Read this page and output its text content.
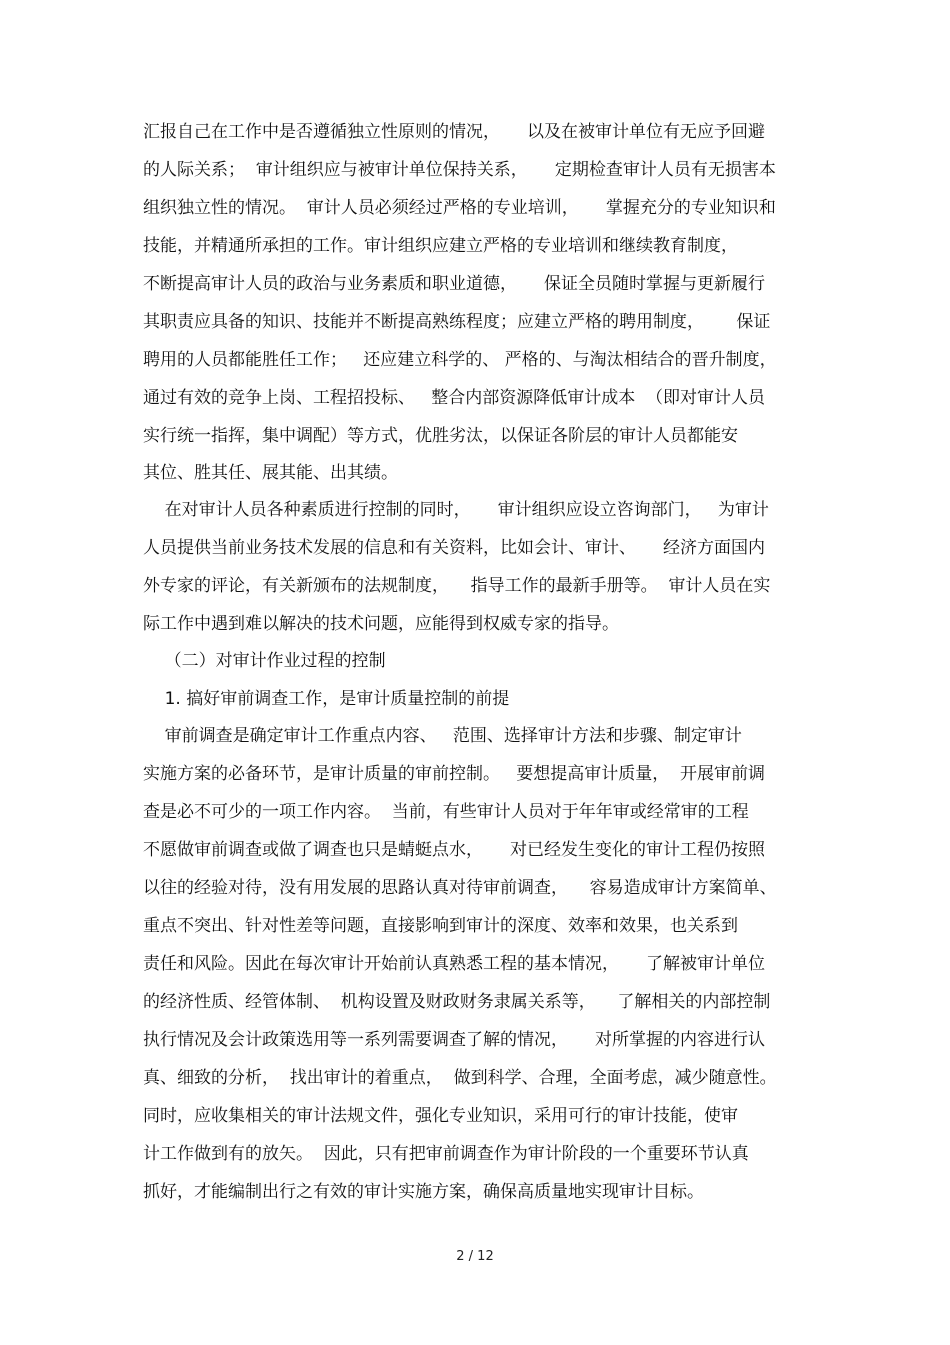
汇报自己在工作中是否遵循独立性原则的情况，     以及在被审计单位有无应予回避
的人际关系；  审计组织应与被审计单位保持关系，     定期检查审计人员有无损害本
组织独立性的情况。  审计人员必须经过严格的专业培训，     掌握充分的专业知识和
技能，并精通所承担的工作。审计组织应建立严格的专业培训和继续教育制度，
不断提高审计人员的政治与业务素质和职业道德，     保证全员随时掌握与更新履行
其职责应具备的知识、技能并不断提高熟练程度；应建立严格的聘用制度，      保证
聘用的人员都能胜任工作；   还应建立科学的、 严格的、与淘汰相结合的晋升制度，
通过有效的竞争上岗、工程招投标、   整合内部资源降低审计成本  （即对审计人员
实行统一指挥，集中调配）等方式，优胜劣汰，以保证各阶层的审计人员都能安
其位、胜其任、展其能、出其绩。
在对审计人员各种素质进行控制的同时，     审计组织应设立咨询部门，   为审计
人员提供当前业务技术发展的信息和有关资料，比如会计、审计、     经济方面国内
外专家的评论，有关新颁布的法规制度，    指导工作的最新手册等。  审计人员在实
际工作中遇到难以解决的技术问题，应能得到权威专家的指导。
（二）对审计作业过程的控制
1. 搞好审前调查工作，是审计质量控制的前提
审前调查是确定审计工作重点内容、   范围、选择审计方法和步骤、制定审计
实施方案的必备环节，是审计质量的审前控制。   要想提高审计质量，  开展审前调
查是必不可少的一项工作内容。  当前，有些审计人员对于年年审或经常审的工程
不愿做审前调查或做了调查也只是蜻蜓点水，     对已经发生变化的审计工程仍按照
以往的经验对待，没有用发展的思路认真对待审前调查，    容易造成审计方案简单、
重点不突出、针对性差等问题，直接影响到审计的深度、效率和效果，也关系到
责任和风险。因此在每次审计开始前认真熟悉工程的基本情况，     了解被审计单位
的经济性质、经管体制、  机构设置及财政财务隶属关系等，    了解相关的内部控制
执行情况及会计政策选用等一系列需要调查了解的情况，     对所掌握的内容进行认
真、细致的分析，  找出审计的着重点，  做到科学、合理，全面考虑，减少随意性。
同时，应收集相关的审计法规文件，强化专业知识，采用可行的审计技能，使审
计工作做到有的放矢。  因此，只有把审前调查作为审计阶段的一个重要环节认真
抓好，才能编制出行之有效的审计实施方案，确保高质量地实现审计目标。
2 / 12
